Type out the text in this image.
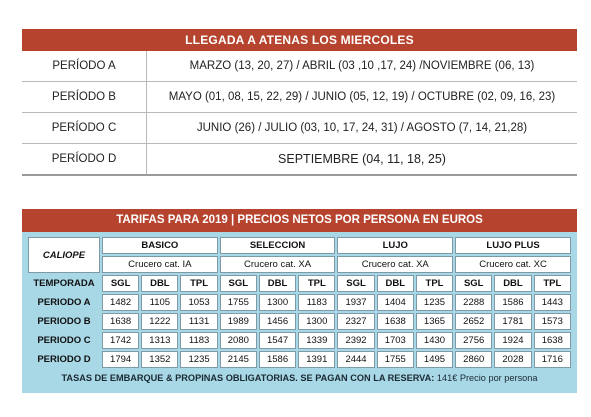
LLEGADA A ATENAS LOS MIERCOLES
PERÍODO A	MARZO (13, 20, 27) / ABRIL (03 ,10 ,17, 24) /NOVIEMBRE (06, 13)
PERÍODO B	MAYO (01, 08, 15, 22, 29) / JUNIO (05, 12, 19) / OCTUBRE (02, 09, 16, 23)
PERÍODO C	JUNIO (26) / JULIO (03, 10, 17, 24, 31) / AGOSTO (7, 14, 21,28)
PERÍODO D	SEPTIEMBRE (04, 11, 18, 25)
TARIFAS PARA 2019 | PRECIOS NETOS POR PERSONA EN EUROS
CALIOPE	BASICO			SELECCION			LUJO			LUJO PLUS		
	Crucero cat. IA			Crucero cat. XA			Crucero cat. XA			Crucero cat. XC		
TEMPORADA	SGL	DBL	TPL	SGL	DBL	TPL	SGL	DBL	TPL	SGL	DBL	TPL
PERIODO A	1482	1105	1053	1755	1300	1183	1937	1404	1235	2288	1586	1443
PERIODO B	1638	1222	1131	1989	1456	1300	2327	1638	1365	2652	1781	1573
PERIODO C	1742	1313	1183	2080	1547	1339	2392	1703	1430	2756	1924	1638
PERIODO D	1794	1352	1235	2145	1586	1391	2444	1755	1495	2860	2028	1716
TASAS DE EMBARQUE & PROPINAS OBLIGATORIAS. SE PAGAN CON LA RESERVA: 141€ Precio por persona												
